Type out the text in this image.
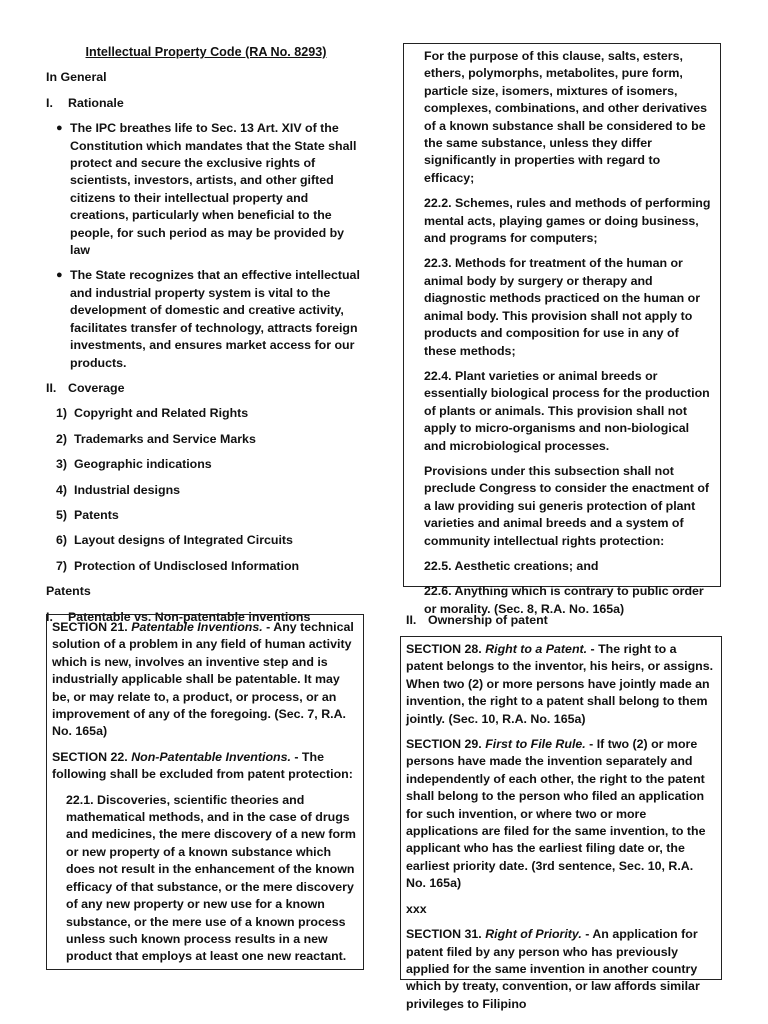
Intellectual Property Code (RA No. 8293)
In General
I.	Rationale
● The IPC breathes life to Sec. 13 Art. XIV of the Constitution which mandates that the State shall protect and secure the exclusive rights of scientists, investors, artists, and other gifted citizens to their intellectual property and creations, particularly when beneficial to the people, for such period as may be provided by law
● The State recognizes that an effective intellectual and industrial property system is vital to the development of domestic and creative activity, facilitates transfer of technology, attracts foreign investments, and ensures market access for our products.
II. Coverage
1) Copyright and Related Rights
2) Trademarks and Service Marks
3) Geographic indications
4) Industrial designs
5) Patents
6) Layout designs of Integrated Circuits
7) Protection of Undisclosed Information
Patents
I.	Patentable vs. Non-patentable inventions

SECTION 21. Patentable Inventions. - Any technical solution of a problem in any field of human activity which is new, involves an inventive step and is industrially applicable shall be patentable. It may be, or may relate to, a product, or process, or an improvement of any of the foregoing. (Sec. 7, R.A. No. 165a)

SECTION 22. Non-Patentable Inventions. - The following shall be excluded from patent protection:

22.1. Discoveries, scientific theories and mathematical methods, and in the case of drugs and medicines, the mere discovery of a new form or new property of a known substance which does not result in the enhancement of the known efficacy of that substance, or the mere discovery of any new property or new use for a known substance, or the mere use of a known process unless such known process results in a new product that employs at least one new reactant.

For the purpose of this clause, salts, esters, ethers, polymorphs, metabolites, pure form, particle size, isomers, mixtures of isomers, complexes, combinations, and other derivatives of a known substance shall be considered to be the same substance, unless they differ significantly in properties with regard to efficacy;

22.2. Schemes, rules and methods of performing mental acts, playing games or doing business, and programs for computers;

22.3. Methods for treatment of the human or animal body by surgery or therapy and diagnostic methods practiced on the human or animal body. This provision shall not apply to products and composition for use in any of these methods;

22.4. Plant varieties or animal breeds or essentially biological process for the production of plants or animals. This provision shall not apply to micro-organisms and non-biological and microbiological processes.

Provisions under this subsection shall not preclude Congress to consider the enactment of a law providing sui generis protection of plant varieties and animal breeds and a system of community intellectual rights protection:

22.5. Aesthetic creations; and

22.6. Anything which is contrary to public order or morality. (Sec. 8, R.A. No. 165a)

II. Ownership of patent

SECTION 28. Right to a Patent. - The right to a patent belongs to the inventor, his heirs, or assigns. When two (2) or more persons have jointly made an invention, the right to a patent shall belong to them jointly. (Sec. 10, R.A. No. 165a)

SECTION 29. First to File Rule. - If two (2) or more persons have made the invention separately and independently of each other, the right to the patent shall belong to the person who filed an application for such invention, or where two or more applications are filed for the same invention, to the applicant who has the earliest filing date or, the earliest priority date. (3rd sentence, Sec. 10, R.A. No. 165a)

xxx

SECTION 31. Right of Priority. - An application for patent filed by any person who has previously applied for the same invention in another country which by treaty, convention, or law affords similar privileges to Filipino
